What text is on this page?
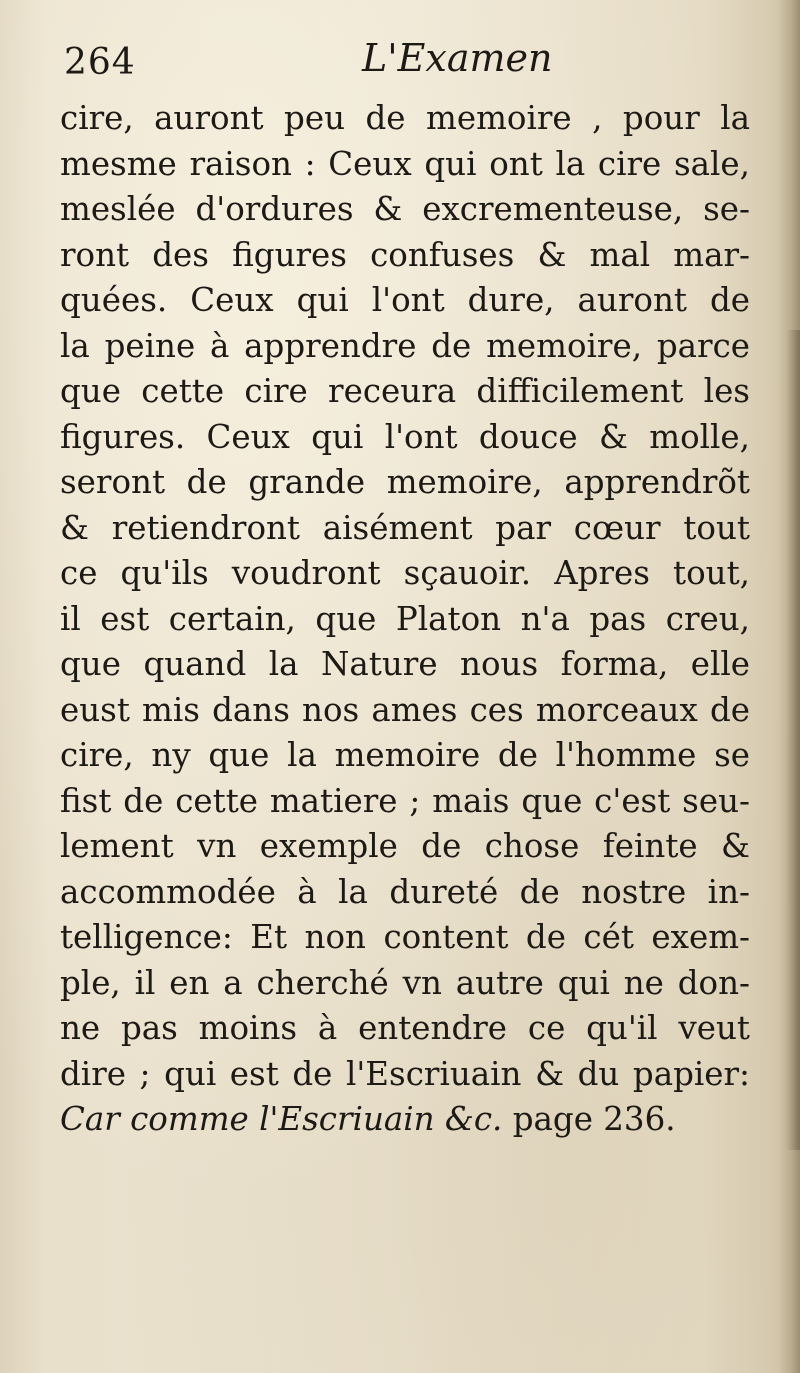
264	L'Examen
cire, auront peu de memoire , pour la
mesme raison : Ceux qui ont la cire sale,
meslée d'ordures & excrementeuse, se-
ront des figures confuses & mal mar-
quées. Ceux qui l'ont dure, auront de
la peine à apprendre de memoire, parce
que cette cire receura difficilement les
figures. Ceux qui l'ont douce & molle,
seront de grande memoire, apprendrõt
& retiendront aisément par cœur tout
ce qu'ils voudront sçauoir. Apres tout,
il est certain, que Platon n'a pas creu,
que quand la Nature nous forma, elle
eust mis dans nos ames ces morceaux de
cire, ny que la memoire de l'homme se
fist de cette matiere ; mais que c'est seu-
lement vn exemple de chose feinte &
accommodée à la dureté de nostre in-
telligence: Et non content de cét exem-
ple, il en a cherché vn autre qui ne don-
ne pas moins à entendre ce qu'il veut
dire ; qui est de l'Escriuain & du papier:
Car comme l'Escriuain &c. page 236.
